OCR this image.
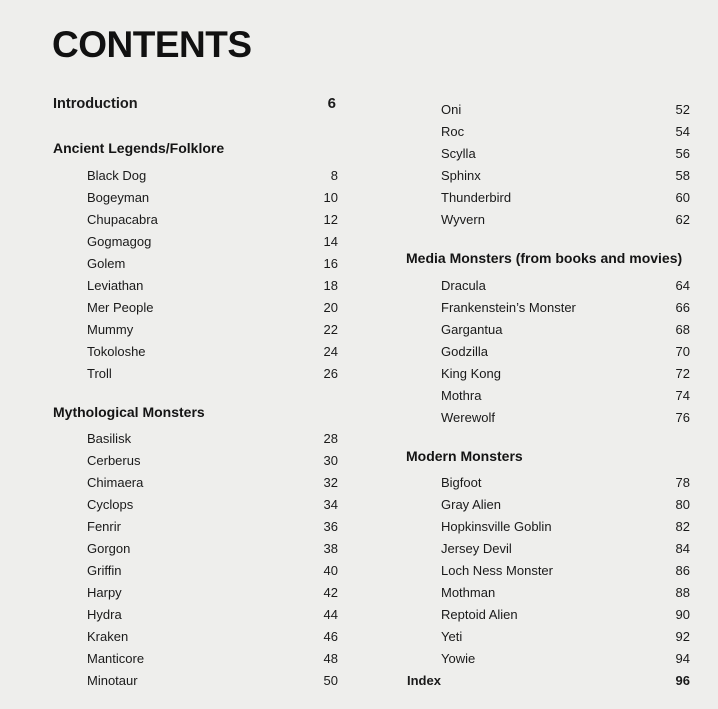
CONTENTS
Introduction	6
Ancient Legends/Folklore
Black Dog	8
Bogeyman	10
Chupacabra	12
Gogmagog	14
Golem	16
Leviathan	18
Mer People	20
Mummy	22
Tokoloshe	24
Troll	26
Mythological Monsters
Basilisk	28
Cerberus	30
Chimaera	32
Cyclops	34
Fenrir	36
Gorgon	38
Griffin	40
Harpy	42
Hydra	44
Kraken	46
Manticore	48
Minotaur	50
Oni	52
Roc	54
Scylla	56
Sphinx	58
Thunderbird	60
Wyvern	62
Media Monsters (from books and movies)
Dracula	64
Frankenstein’s Monster	66
Gargantua	68
Godzilla	70
King Kong	72
Mothra	74
Werewolf	76
Modern Monsters
Bigfoot	78
Gray Alien	80
Hopkinsville Goblin	82
Jersey Devil	84
Loch Ness Monster	86
Mothman	88
Reptoid Alien	90
Yeti	92
Yowie	94
Index	96
